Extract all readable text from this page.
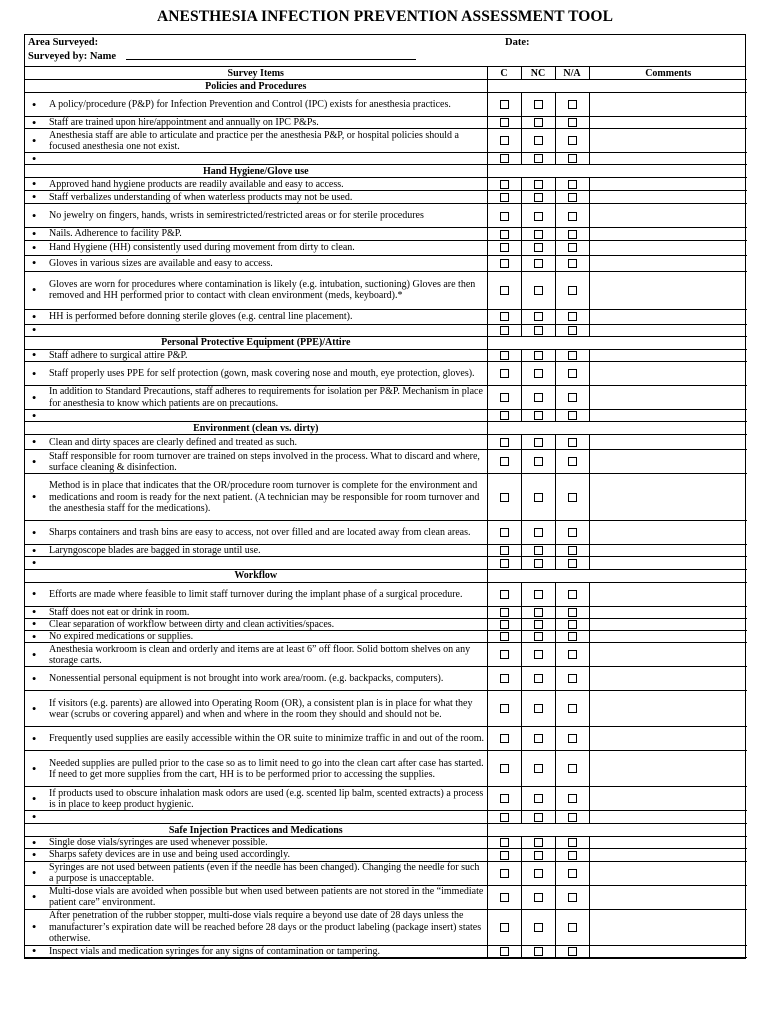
ANESTHESIA INFECTION PREVENTION ASSESSMENT TOOL
Area Surveyed:
Surveyed by: Name
Date:
Survey Items	C	NC	N/A	Comments
Policies and Procedures				

● A policy/procedure (P&P) for Infection Prevention and Control (IPC) exists for anesthesia practices.				

● Staff are trained upon hire/appointment and annually on IPC P&Ps.				

● Anesthesia staff are able to articulate and practice per the anesthesia P&P, or hospital policies should a focused anesthesia one not exist.				

●				

Hand Hygiene/Glove use				

● Approved hand hygiene products are readily available and easy to access.				

● Staff verbalizes understanding of when waterless products may not be used.				

● No jewelry on fingers, hands, wrists in semirestricted/restricted areas or for sterile procedures				

● Nails. Adherence to facility P&P.				

● Hand Hygiene (HH) consistently used during movement from dirty to clean.				

● Gloves in various sizes are available and easy to access.				

● Gloves are worn for procedures where contamination is likely (e.g. intubation, suctioning) Gloves are then removed and HH performed prior to contact with clean environment (meds, keyboard).*				

● HH is performed before donning sterile gloves (e.g. central line placement).				

●				

Personal Protective Equipment (PPE)/Attire				

● Staff adhere to surgical attire P&P.				

● Staff properly uses PPE for self protection (gown, mask covering nose and mouth, eye protection, gloves).				

● In addition to Standard Precautions, staff adheres to requirements for isolation per P&P. Mechanism in place for anesthesia to know which patients are on precautions.				

●				

Environment (clean vs. dirty)				

● Clean and dirty spaces are clearly defined and treated as such.				

● Staff responsible for room turnover are trained on steps involved in the process. What to discard and where, surface cleaning & disinfection.				

●
Method is in place that indicates that the OR/procedure room turnover is complete for the environment and medications and room is ready for the next patient. (A technician may be responsible for room turnover and the anesthesia staff for the medications).				

● Sharps containers and trash bins are easy to access, not over filled and are located away from clean areas.				

● Laryngoscope blades are bagged in storage until use.				

●				

Workflow				

● Efforts are made where feasible to limit staff turnover during the implant phase of a surgical procedure.				

● Staff does not eat or drink in room.				

● Clear separation of workflow between dirty and clean activities/spaces.				

● No expired medications or supplies.				

● Anesthesia workroom is clean and orderly and items are at least 6” off floor. Solid bottom shelves on any storage carts.				

● Nonessential personal equipment is not brought into work area/room. (e.g. backpacks, computers).				

● If visitors (e.g. parents) are allowed into Operating Room (OR), a consistent plan is in place for what they wear (scrubs or covering apparel) and when and where in the room they should and should not be.				

● Frequently used supplies are easily accessible within the OR suite to minimize traffic in and out of the room.				

● Needed supplies are pulled prior to the case so as to limit need to go into the clean cart after case has started. If need to get more supplies from the cart, HH is to be performed prior to accessing the supplies.				

● If products used to obscure inhalation mask odors are used (e.g. scented lip balm, scented extracts) a process is in place to keep product hygienic.				

●				

Safe Injection Practices and Medications				

● Single dose vials/syringes are used whenever possible.				

● Sharps safety devices are in use and being used accordingly.				

● Syringes are not used between patients (even if the needle has been changed). Changing the needle for such a purpose is unacceptable.				

● Multi-dose vials are avoided when possible but when used between patients are not stored in the “immediate patient care” environment.				

●
After penetration of the rubber stopper, multi-dose vials require a beyond use date of 28 days unless the manufacturer’s expiration date will be reached before 28 days or the product labeling (package insert) states otherwise.				

● Inspect vials and medication syringes for any signs of contamination or tampering.				
